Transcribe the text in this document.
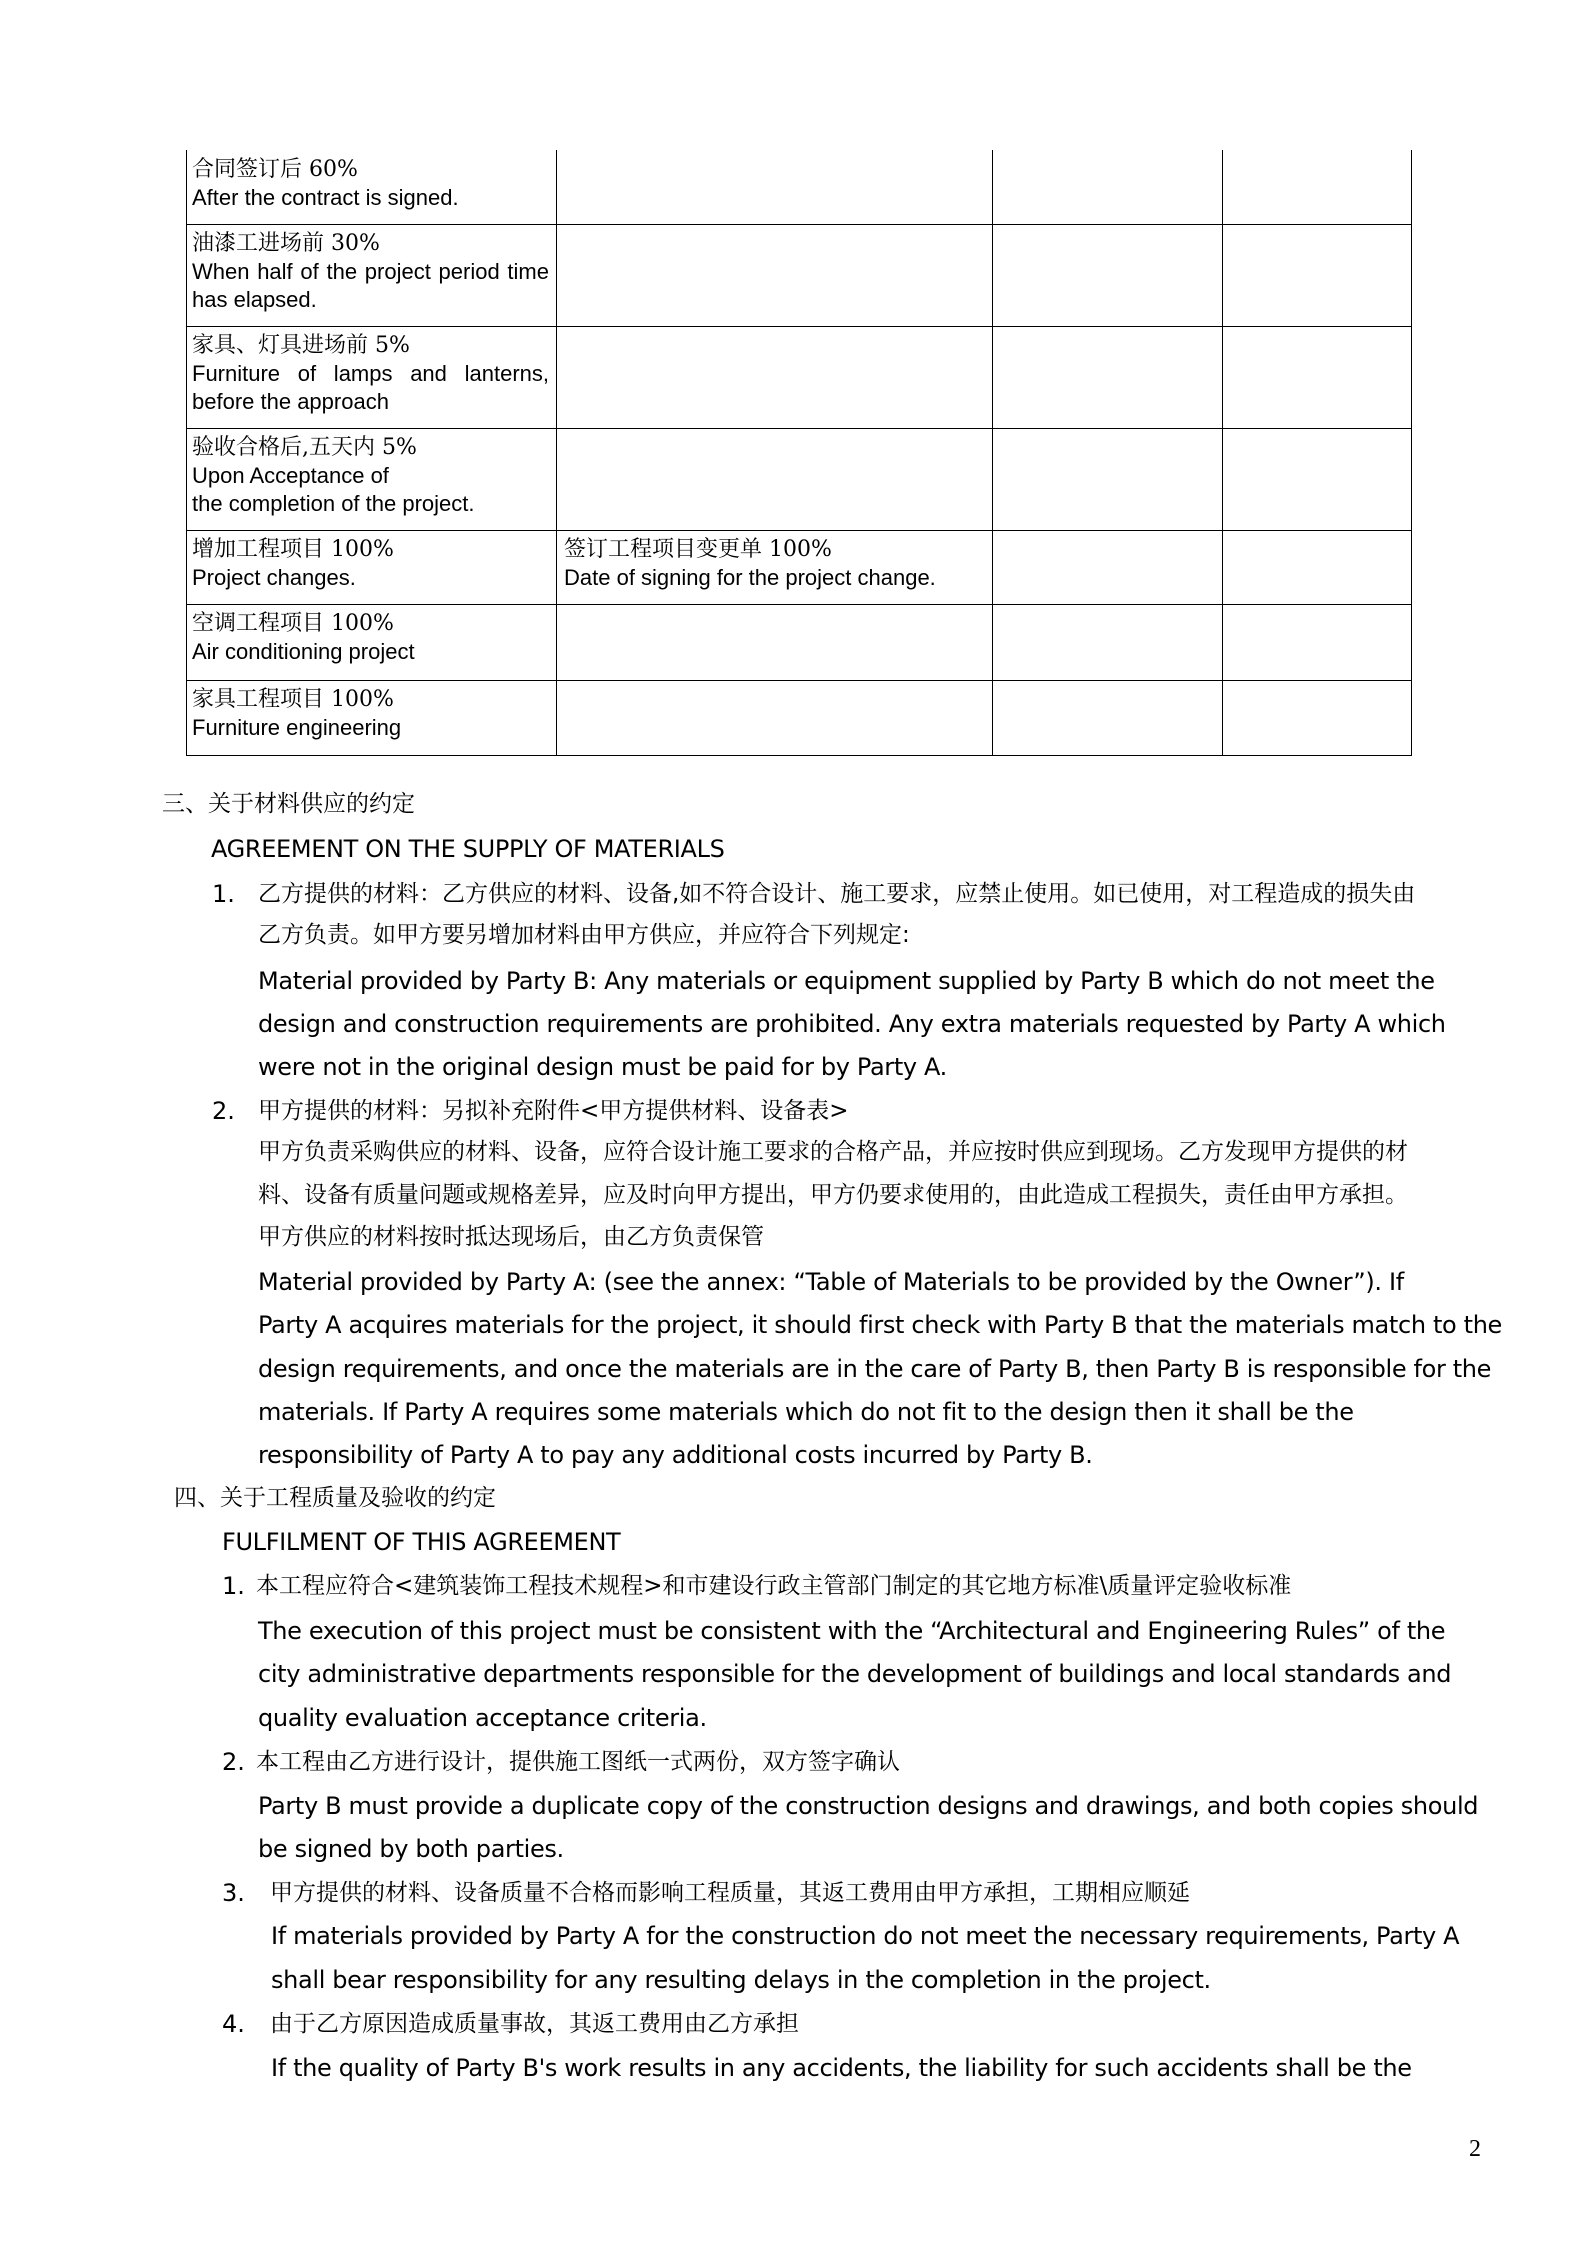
合同签订后 60%
After the contract is signed.
油漆工进场前 30%
When half of the project period time has elapsed.
家具、灯具进场前 5%
Furniture of lamps and lanterns, before the approach
验收合格后,五天内 5%
Upon Acceptance of
the completion of the project.
增加工程项目 100%
Project changes.
签订工程项目变更单 100%
Date of signing for the project change.
空调工程项目 100%
Air conditioning project
家具工程项目 100%
Furniture engineering
三、关于材料供应的约定
AGREEMENT ON THE SUPPLY OF MATERIALS
1. 乙方提供的材料：乙方供应的材料、设备,如不符合设计、施工要求，应禁止使用。如已使用，对工程造成的损失由
乙方负责。如甲方要另增加材料由甲方供应，并应符合下列规定:
Material provided by Party B: Any materials or equipment supplied by Party B which do not meet the
design and construction requirements are prohibited. Any extra materials requested by Party A which
were not in the original design must be paid for by Party A.
2. 甲方提供的材料：另拟补充附件<甲方提供材料、设备表>
甲方负责采购供应的材料、设备，应符合设计施工要求的合格产品，并应按时供应到现场。乙方发现甲方提供的材
料、设备有质量问题或规格差异，应及时向甲方提出，甲方仍要求使用的，由此造成工程损失，责任由甲方承担。
甲方供应的材料按时抵达现场后，由乙方负责保管
Material provided by Party A: (see the annex: “Table of Materials to be provided by the Owner”). If
Party A acquires materials for the project, it should first check with Party B that the materials match to the
design requirements, and once the materials are in the care of Party B, then Party B is responsible for the
materials. If Party A requires some materials which do not fit to the design then it shall be the
responsibility of Party A to pay any additional costs incurred by Party B.
四、关于工程质量及验收的约定
FULFILMENT OF THIS AGREEMENT
1. 本工程应符合<建筑装饰工程技术规程>和市建设行政主管部门制定的其它地方标准\质量评定验收标准
The execution of this project must be consistent with the “Architectural and Engineering Rules” of the
city administrative departments responsible for the development of buildings and local standards and
quality evaluation acceptance criteria.
2. 本工程由乙方进行设计，提供施工图纸一式两份，双方签字确认
Party B must provide a duplicate copy of the construction designs and drawings, and both copies should
be signed by both parties.
3. 甲方提供的材料、设备质量不合格而影响工程质量，其返工费用由甲方承担，工期相应顺延
If materials provided by Party A for the construction do not meet the necessary requirements, Party A
shall bear responsibility for any resulting delays in the completion in the project.
4. 由于乙方原因造成质量事故，其返工费用由乙方承担
If the quality of Party B's work results in any accidents, the liability for such accidents shall be the
2
